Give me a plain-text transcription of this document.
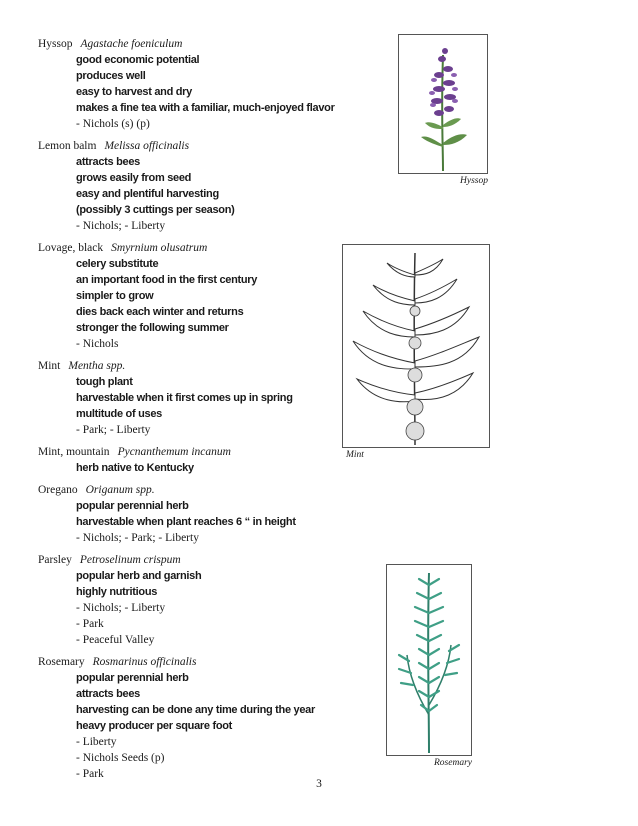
Hyssop Agastache foeniculum
good economic potential
produces well
easy to harvest and dry
makes a fine tea with a familiar, much-enjoyed flavor
- Nichols (s) (p)
Lemon balm Melissa officinalis
attracts bees
grows easily from seed
easy and plentiful harvesting
(possibly 3 cuttings per season)
- Nichols; - Liberty
Lovage, black Smyrnium olusatrum
celery substitute
an important food in the first century
simpler to grow
dies back each winter and returns
stronger the following summer
- Nichols
Mint Mentha spp.
tough plant
harvestable when it first comes up in spring
multitude of uses
- Park; - Liberty
Mint, mountain Pycnanthemum incanum
herb native to Kentucky
Oregano Origanum spp.
popular perennial herb
harvestable when plant reaches 6 “ in height
- Nichols; - Park; - Liberty
Parsley Petroselinum crispum
popular herb and garnish
highly nutritious
- Nichols; - Liberty
- Park
- Peaceful Valley
Rosemary Rosmarinus officinalis
popular perennial herb
attracts bees
harvesting can be done any time during the year
heavy producer per square foot
- Liberty
- Nichols Seeds (p)
- Park
Hyssop
Mint
Rosemary
3
